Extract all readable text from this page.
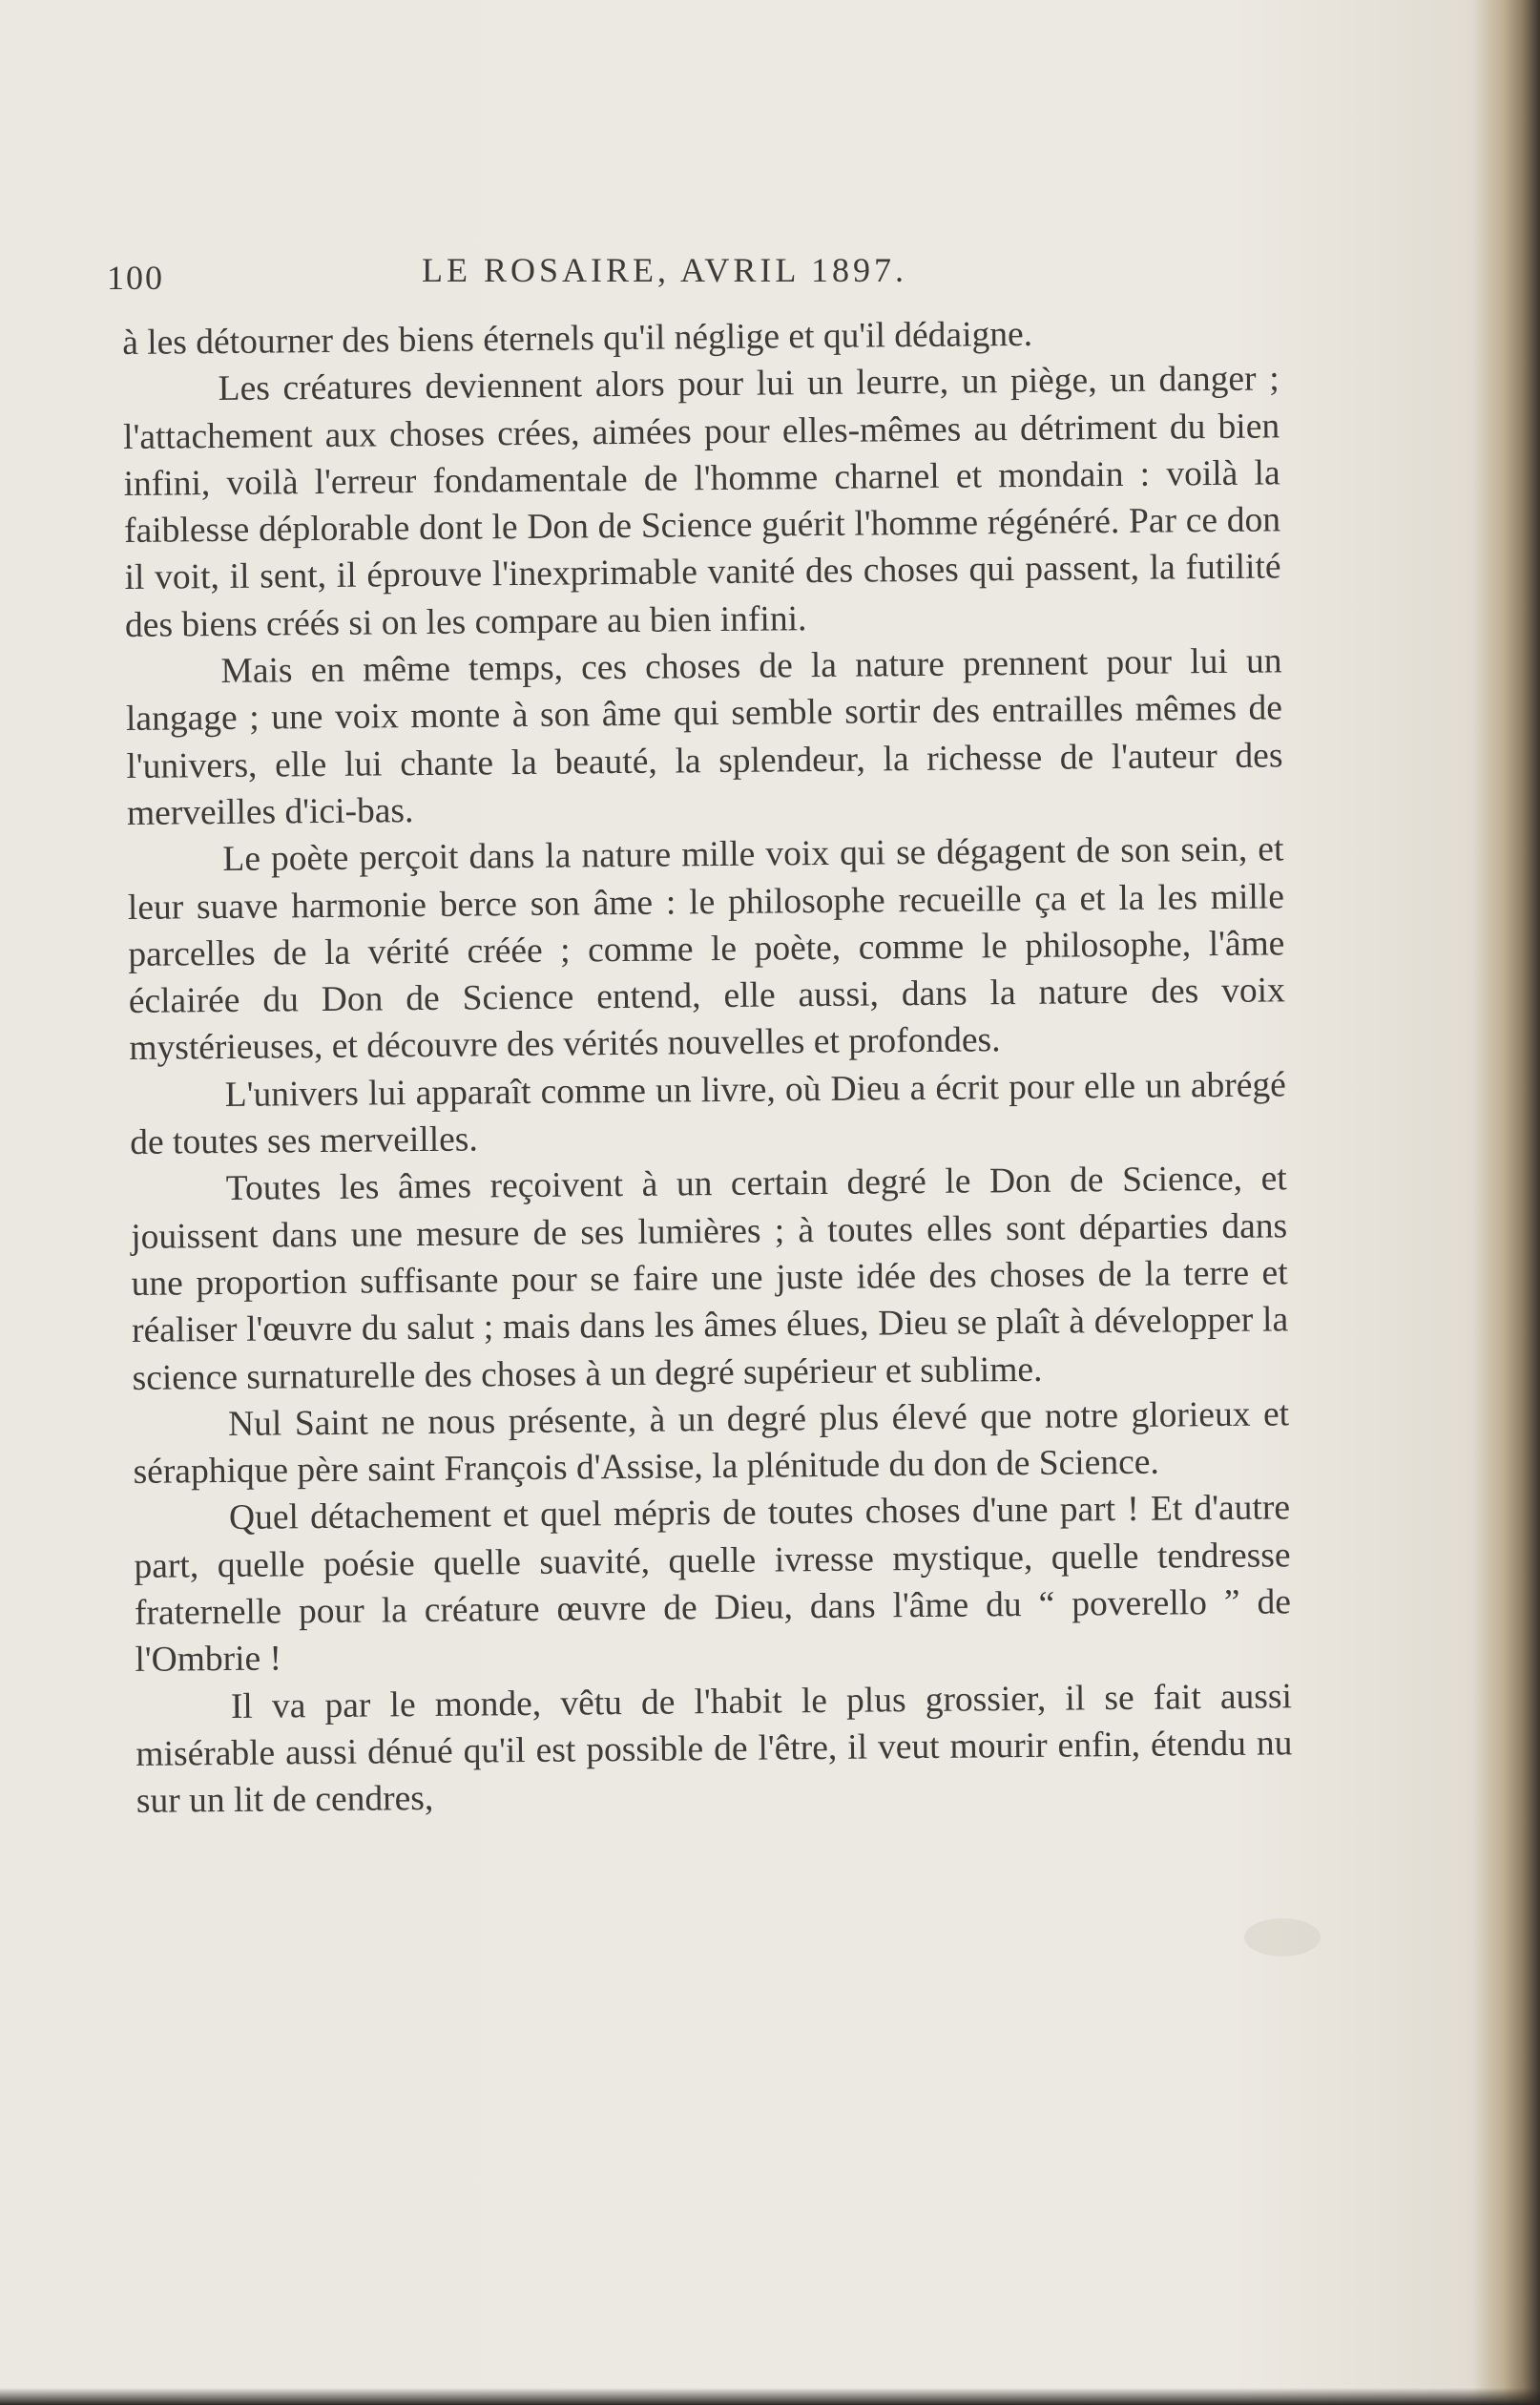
100	LE ROSAIRE, AVRIL 1897.

à les détourner des biens éternels qu'il néglige et qu'il dédaigne.

Les créatures deviennent alors pour lui un leurre, un piège, un danger ; l'attachement aux choses crées, aimées pour elles-mêmes au détriment du bien infini, voilà l'erreur fondamentale de l'homme charnel et mondain : voilà la faiblesse déplorable dont le Don de Science guérit l'homme régénéré. Par ce don il voit, il sent, il éprouve l'inexprimable vanité des choses qui passent, la futilité des biens créés si on les compare au bien infini.

Mais en même temps, ces choses de la nature prennent pour lui un langage ; une voix monte à son âme qui semble sortir des entrailles mêmes de l'univers, elle lui chante la beauté, la splendeur, la richesse de l'auteur des merveilles d'ici-bas.

Le poète perçoit dans la nature mille voix qui se dégagent de son sein, et leur suave harmonie berce son âme : le philosophe recueille ça et la les mille parcelles de la vérité créée ; comme le poète, comme le philosophe, l'âme éclairée du Don de Science entend, elle aussi, dans la nature des voix mystérieuses, et découvre des vérités nouvelles et profondes.

L'univers lui apparaît comme un livre, où Dieu a écrit pour elle un abrégé de toutes ses merveilles.

Toutes les âmes reçoivent à un certain degré le Don de Science, et jouissent dans une mesure de ses lumières ; à toutes elles sont départies dans une proportion suffisante pour se faire une juste idée des choses de la terre et réaliser l'œuvre du salut ; mais dans les âmes élues, Dieu se plaît à développer la science surnaturelle des choses à un degré supérieur et sublime.

Nul Saint ne nous présente, à un degré plus élevé que notre glorieux et séraphique père saint François d'Assise, la plénitude du don de Science.

Quel détachement et quel mépris de toutes choses d'une part ! Et d'autre part, quelle poésie quelle suavité, quelle ivresse mystique, quelle tendresse fraternelle pour la créature œuvre de Dieu, dans l'âme du “ poverello ” de l'Ombrie !

Il va par le monde, vêtu de l'habit le plus grossier, il se fait aussi misérable aussi dénué qu'il est possible de l'être, il veut mourir enfin, étendu nu sur un lit de cendres,
